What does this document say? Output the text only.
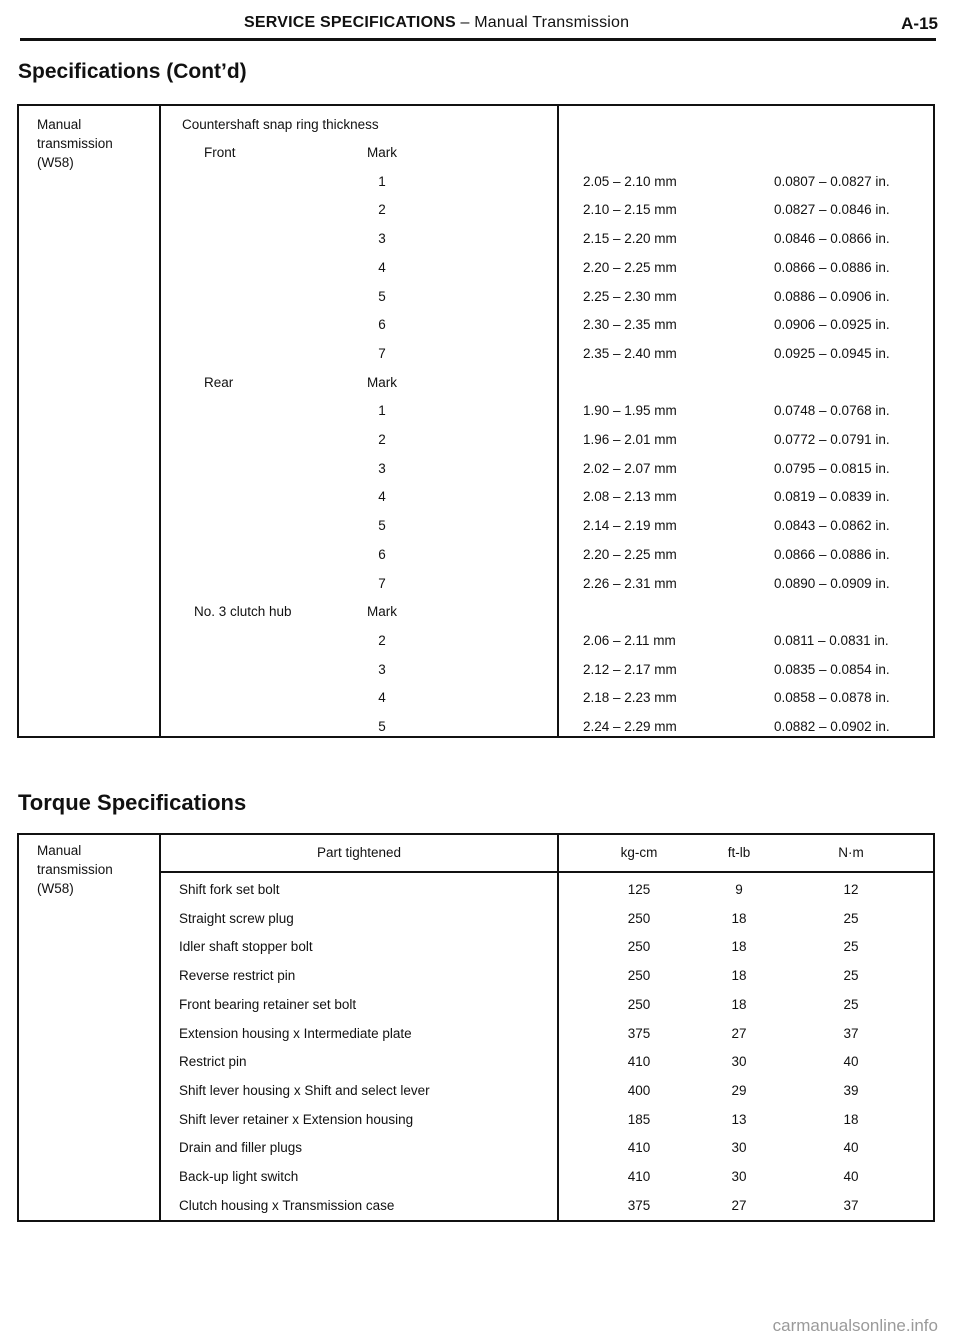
SERVICE SPECIFICATIONS – Manual Transmission	A-15
Specifications (Cont’d)
Manual
transmission
(W58)
Countershaft snap ring thickness
Front	Mark
1	2.05 – 2.10 mm	0.0807 – 0.0827 in.
2	2.10 – 2.15 mm	0.0827 – 0.0846 in.
3	2.15 – 2.20 mm	0.0846 – 0.0866 in.
4	2.20 – 2.25 mm	0.0866 – 0.0886 in.
5	2.25 – 2.30 mm	0.0886 – 0.0906 in.
6	2.30 – 2.35 mm	0.0906 – 0.0925 in.
7	2.35 – 2.40 mm	0.0925 – 0.0945 in.
Rear	Mark
1	1.90 – 1.95 mm	0.0748 – 0.0768 in.
2	1.96 – 2.01 mm	0.0772 – 0.0791 in.
3	2.02 – 2.07 mm	0.0795 – 0.0815 in.
4	2.08 – 2.13 mm	0.0819 – 0.0839 in.
5	2.14 – 2.19 mm	0.0843 – 0.0862 in.
6	2.20 – 2.25 mm	0.0866 – 0.0886 in.
7	2.26 – 2.31 mm	0.0890 – 0.0909 in.
No. 3 clutch hub	Mark
2	2.06 – 2.11 mm	0.0811 – 0.0831 in.
3	2.12 – 2.17 mm	0.0835 – 0.0854 in.
4	2.18 – 2.23 mm	0.0858 – 0.0878 in.
5	2.24 – 2.29 mm	0.0882 – 0.0902 in.
Torque Specifications
Manual
transmission
(W58)
Part tightened	kg-cm	ft-lb	N·m
Shift fork set bolt	125	9	12
Straight screw plug	250	18	25
Idler shaft stopper bolt	250	18	25
Reverse restrict pin	250	18	25
Front bearing retainer set bolt	250	18	25
Extension housing x Intermediate plate	375	27	37
Restrict pin	410	30	40
Shift lever housing x Shift and select lever	400	29	39
Shift lever retainer x Extension housing	185	13	18
Drain and filler plugs	410	30	40
Back-up light switch	410	30	40
Clutch housing x Transmission case	375	27	37
carmanualsonline.info
